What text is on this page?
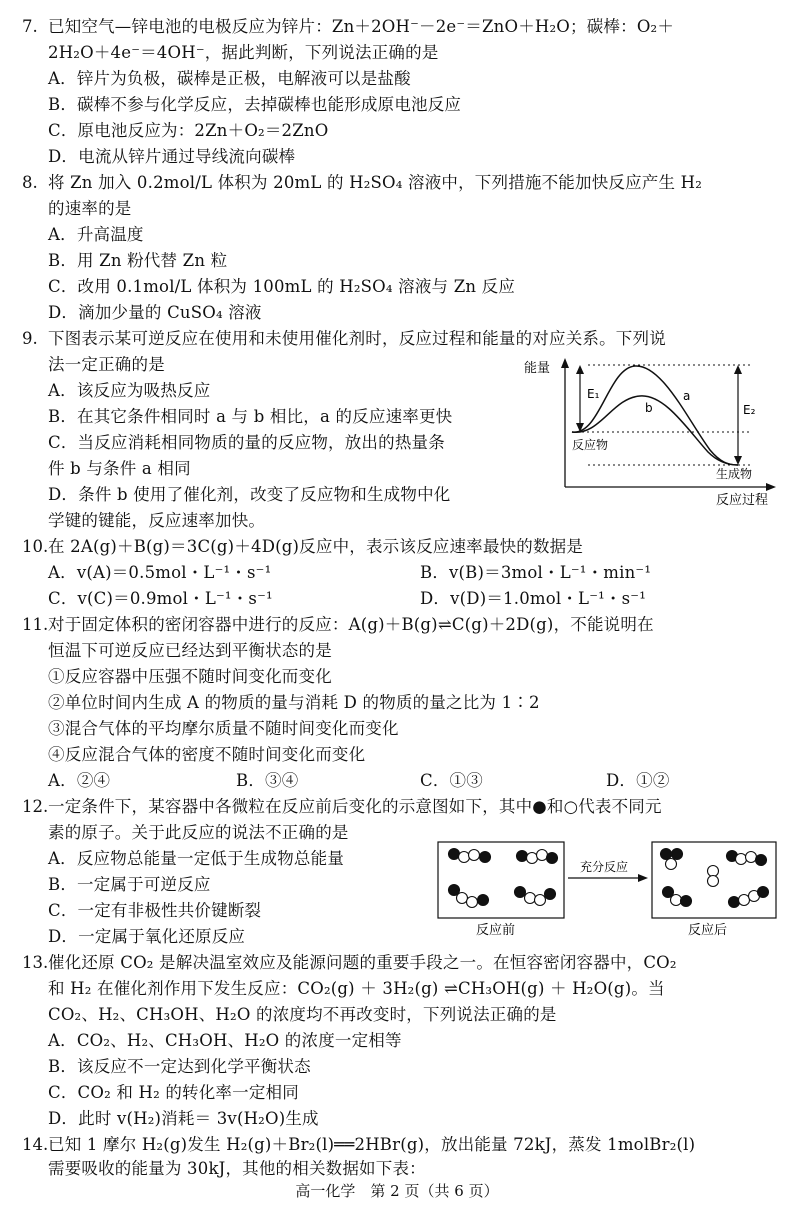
7. 已知空气—锌电池的电极反应为锌片：Zn＋2OH⁻－2e⁻＝ZnO＋H₂O；碳棒：O₂＋
2H₂O＋4e⁻＝4OH⁻，据此判断，下列说法正确的是
A．锌片为负极，碳棒是正极，电解液可以是盐酸
B．碳棒不参与化学反应，去掉碳棒也能形成原电池反应
C．原电池反应为：2Zn＋O₂＝2ZnO
D．电流从锌片通过导线流向碳棒
8. 将 Zn 加入 0.2mol/L 体积为 20mL 的 H₂SO₄ 溶液中，下列措施不能加快反应产生 H₂
的速率的是
A．升高温度
B．用 Zn 粉代替 Zn 粒
C．改用 0.1mol/L 体积为 100mL 的 H₂SO₄ 溶液与 Zn 反应
D．滴加少量的 CuSO₄ 溶液
9. 下图表示某可逆反应在使用和未使用催化剂时，反应过程和能量的对应关系。下列说
法一定正确的是
A．该反应为吸热反应
B．在其它条件相同时 a 与 b 相比，a 的反应速率更快
C．当反应消耗相同物质的量的反应物，放出的热量条
件 b 与条件 a 相同
D．条件 b 使用了催化剂，改变了反应物和生成物中化
学键的键能，反应速率加快。
能量
反应过程
E₁
E₂
a
b
反应物
生成物
10. 在 2A(g)＋B(g)＝3C(g)＋4D(g)反应中，表示该反应速率最快的数据是
A．v(A)＝0.5mol・L⁻¹・s⁻¹	B．v(B)＝3mol・L⁻¹・min⁻¹
C．v(C)＝0.9mol・L⁻¹・s⁻¹	D．v(D)＝1.0mol・L⁻¹・s⁻¹
11. 对于固定体积的密闭容器中进行的反应：A(g)＋B(g)⇌C(g)＋2D(g)，不能说明在
恒温下可逆反应已经达到平衡状态的是
①反应容器中压强不随时间变化而变化
②单位时间内生成 A 的物质的量与消耗 D 的物质的量之比为 1∶2
③混合气体的平均摩尔质量不随时间变化而变化
④反应混合气体的密度不随时间变化而变化
A．②④	B．③④	C．①③	D．①②
12. 一定条件下，某容器中各微粒在反应前后变化的示意图如下，其中●和○代表不同元
素的原子。关于此反应的说法不正确的是
A．反应物总能量一定低于生成物总能量
B．一定属于可逆反应
C．一定有非极性共价键断裂
D．一定属于氧化还原反应
充分反应
反应前	反应后
13. 催化还原 CO₂ 是解决温室效应及能源问题的重要手段之一。在恒容密闭容器中，CO₂
和 H₂ 在催化剂作用下发生反应：CO₂(g) ＋ 3H₂(g) ⇌CH₃OH(g) ＋ H₂O(g)。当
CO₂、H₂、CH₃OH、H₂O 的浓度均不再改变时，下列说法正确的是
A．CO₂、H₂、CH₃OH、H₂O 的浓度一定相等
B．该反应不一定达到化学平衡状态
C．CO₂ 和 H₂ 的转化率一定相同
D．此时 v(H₂)消耗＝ 3v(H₂O)生成
14. 已知 1 摩尔 H₂(g)发生 H₂(g)＋Br₂(l)══2HBr(g)，放出能量 72kJ，蒸发 1molBr₂(l)
需要吸收的能量为 30kJ，其他的相关数据如下表：
高一化学　第 2 页（共 6 页）
